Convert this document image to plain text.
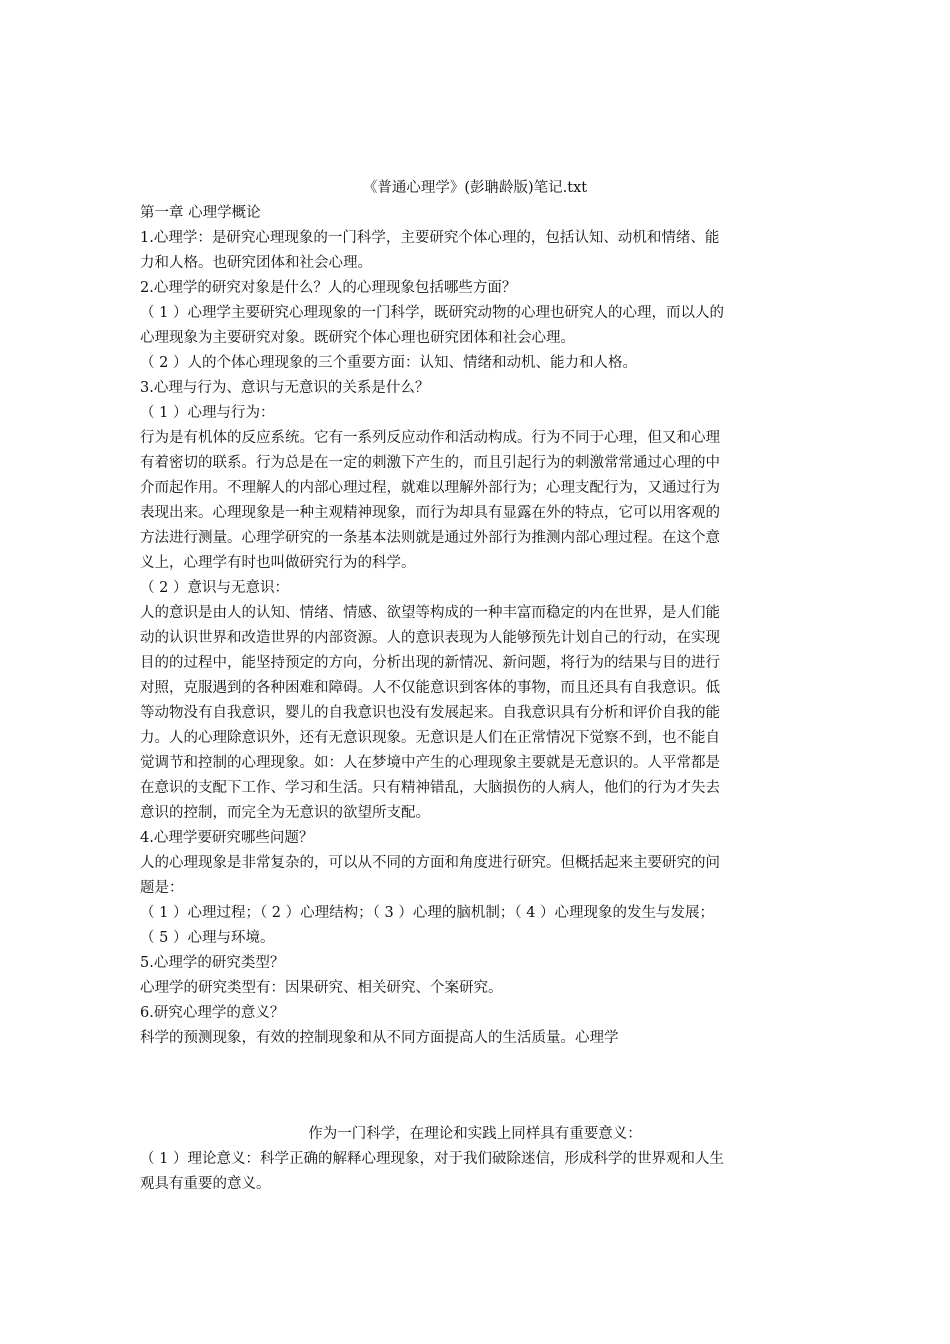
《普通心理学》(彭聃龄版)笔记.txt
第一章 心理学概论
1.心理学：是研究心理现象的一门科学，主要研究个体心理的，包括认知、动机和情绪、能
力和人格。也研究团体和社会心理。
2.心理学的研究对象是什么？人的心理现象包括哪些方面？
（ 1 ）心理学主要研究心理现象的一门科学，既研究动物的心理也研究人的心理，而以人的
心理现象为主要研究对象。既研究个体心理也研究团体和社会心理。
（ 2 ）人的个体心理现象的三个重要方面：认知、情绪和动机、能力和人格。
3.心理与行为、意识与无意识的关系是什么？
（ 1 ）心理与行为：
行为是有机体的反应系统。它有一系列反应动作和活动构成。行为不同于心理，但又和心理
有着密切的联系。行为总是在一定的刺激下产生的，而且引起行为的刺激常常通过心理的中
介而起作用。不理解人的内部心理过程，就难以理解外部行为；心理支配行为，又通过行为
表现出来。心理现象是一种主观精神现象，而行为却具有显露在外的特点，它可以用客观的
方法进行测量。心理学研究的一条基本法则就是通过外部行为推测内部心理过程。在这个意
义上，心理学有时也叫做研究行为的科学。
（ 2 ）意识与无意识：
人的意识是由人的认知、情绪、情感、欲望等构成的一种丰富而稳定的内在世界，是人们能
动的认识世界和改造世界的内部资源。人的意识表现为人能够预先计划自己的行动，在实现
目的的过程中，能坚持预定的方向，分析出现的新情况、新问题，将行为的结果与目的进行
对照，克服遇到的各种困难和障碍。人不仅能意识到客体的事物，而且还具有自我意识。低
等动物没有自我意识，婴儿的自我意识也没有发展起来。自我意识具有分析和评价自我的能
力。人的心理除意识外，还有无意识现象。无意识是人们在正常情况下觉察不到，也不能自
觉调节和控制的心理现象。如：人在梦境中产生的心理现象主要就是无意识的。人平常都是
在意识的支配下工作、学习和生活。只有精神错乱，大脑损伤的人病人，他们的行为才失去
意识的控制，而完全为无意识的欲望所支配。
4.心理学要研究哪些问题？
人的心理现象是非常复杂的，可以从不同的方面和角度进行研究。但概括起来主要研究的问
题是：
（ 1 ）心理过程；（ 2 ）心理结构；（ 3 ）心理的脑机制；（ 4 ）心理现象的发生与发展；
（ 5 ）心理与环境。
5.心理学的研究类型？
心理学的研究类型有：因果研究、相关研究、个案研究。
6.研究心理学的意义？
科学的预测现象，有效的控制现象和从不同方面提高人的生活质量。心理学
作为一门科学，在理论和实践上同样具有重要意义：
（ 1 ）理论意义：科学正确的解释心理现象，对于我们破除迷信，形成科学的世界观和人生
观具有重要的意义。
